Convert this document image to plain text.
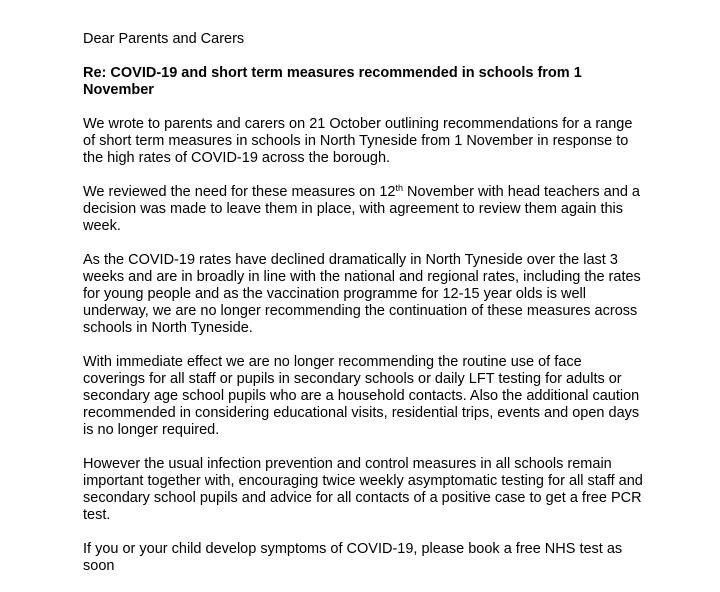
Dear Parents and Carers

Re: COVID-19 and short term measures recommended in schools from 1 November

We wrote to parents and carers on 21 October outlining recommendations for a range of short term measures in schools in North Tyneside from 1 November in response to the high rates of COVID-19 across the borough.

We reviewed the need for these measures on 12th November with head teachers and a decision was made to leave them in place, with agreement to review them again this week.

As the COVID-19 rates have declined dramatically in North Tyneside over the last 3 weeks and are in broadly in line with the national and regional rates, including the rates for young people and as the vaccination programme for 12-15 year olds is well underway, we are no longer recommending the continuation of these measures across schools in North Tyneside.

With immediate effect we are no longer recommending the routine use of face coverings for all staff or pupils in secondary schools or daily LFT testing for adults or secondary age school pupils who are a household contacts. Also the additional caution recommended in considering educational visits, residential trips, events and open days is no longer required.

However the usual infection prevention and control measures in all schools remain important together with, encouraging twice weekly asymptomatic testing for all staff and secondary school pupils and advice for all contacts of a positive case to get a free PCR test.

If you or your child develop symptoms of COVID-19, please book a free NHS test as soon
